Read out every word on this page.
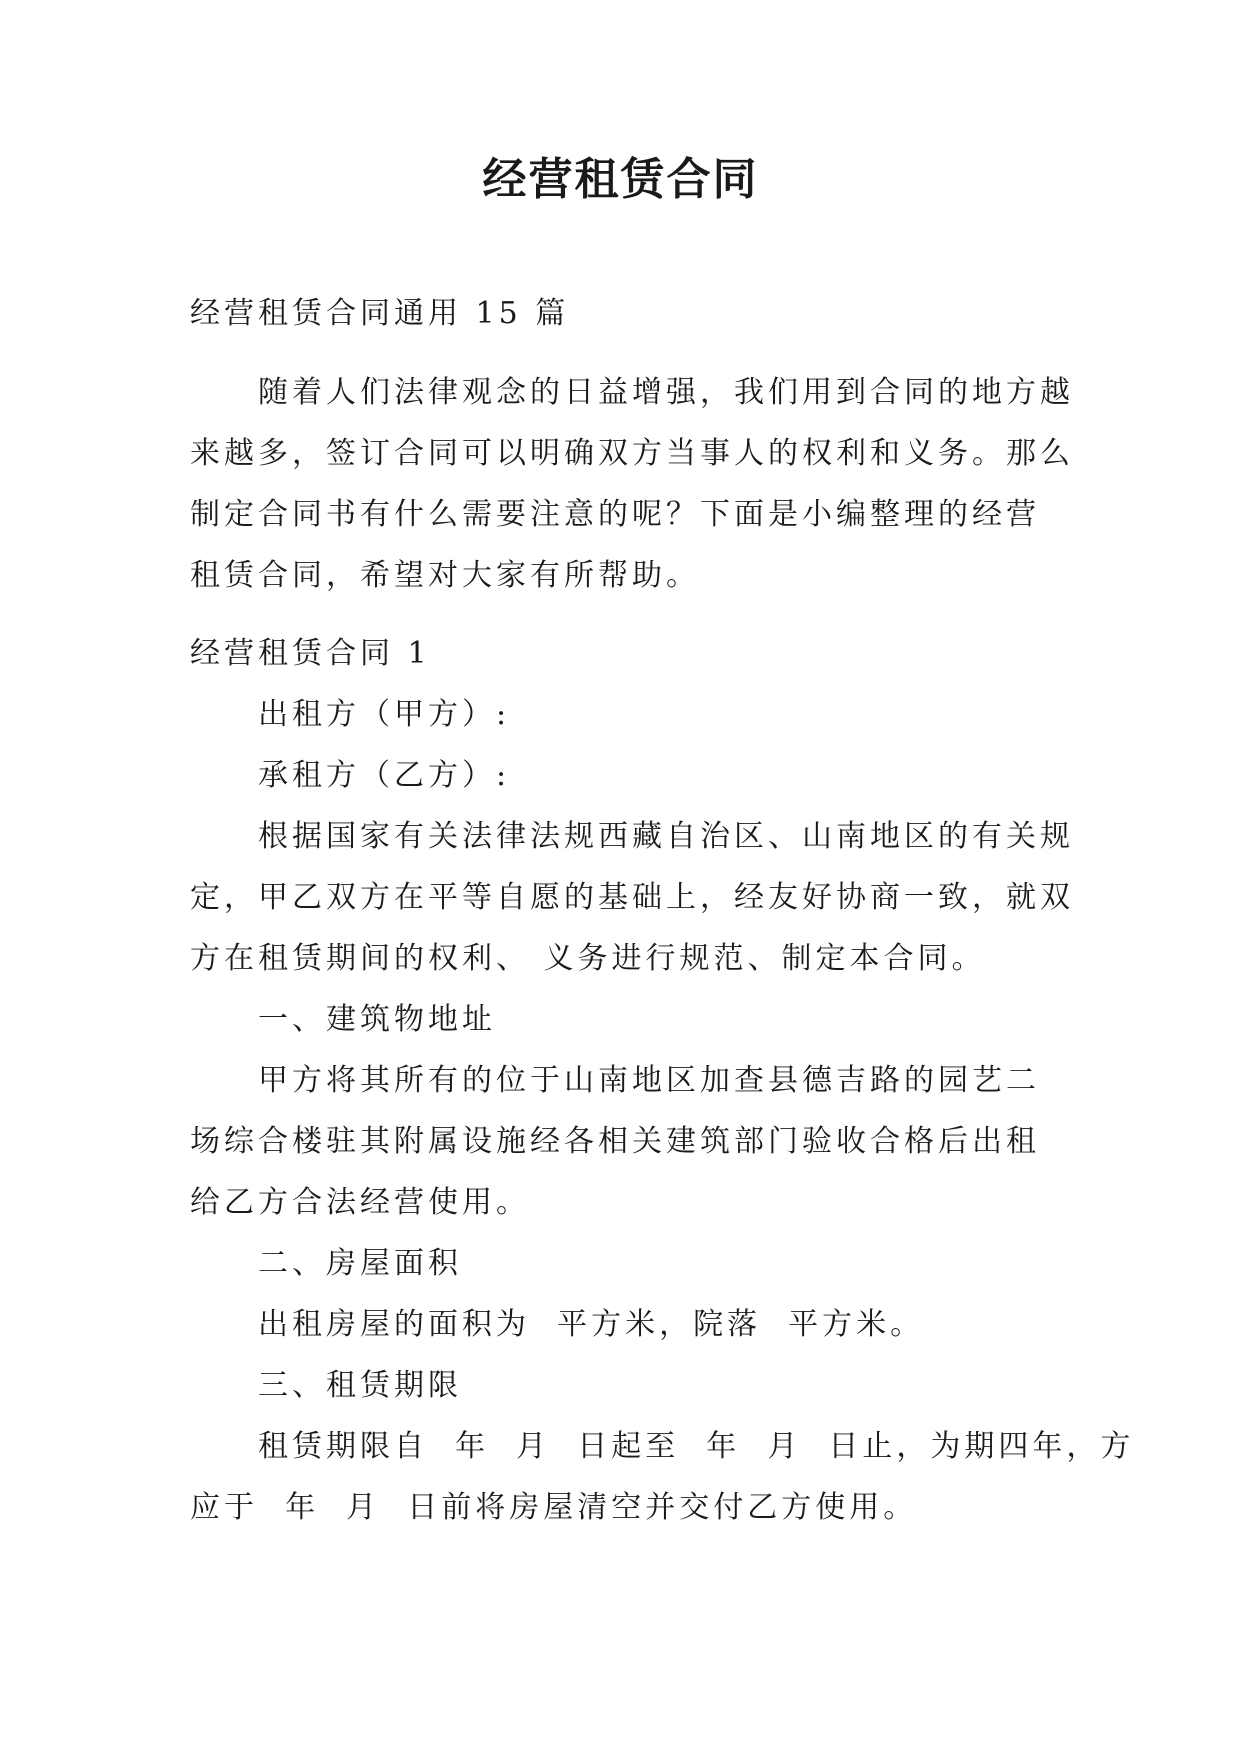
经营租赁合同
经营租赁合同通用 15 篇
随着人们法律观念的日益增强，我们用到合同的地方越
来越多，签订合同可以明确双方当事人的权利和义务。那么
制定合同书有什么需要注意的呢？下面是小编整理的经营
租赁合同，希望对大家有所帮助。
经营租赁合同 1
出租方（甲方）:
承租方（乙方）:
根据国家有关法律法规西藏自治区、山南地区的有关规
定，甲乙双方在平等自愿的基础上，经友好协商一致，就双
方在租赁期间的权利、 义务进行规范、制定本合同。
一、建筑物地址
甲方将其所有的位于山南地区加查县德吉路的园艺二
场综合楼驻其附属设施经各相关建筑部门验收合格后出租
给乙方合法经营使用。
二、房屋面积
出租房屋的面积为  平方米，院落  平方米。
三、租赁期限
租赁期限自  年  月  日起至  年  月  日止，为期四年，方
应于  年  月  日前将房屋清空并交付乙方使用。
